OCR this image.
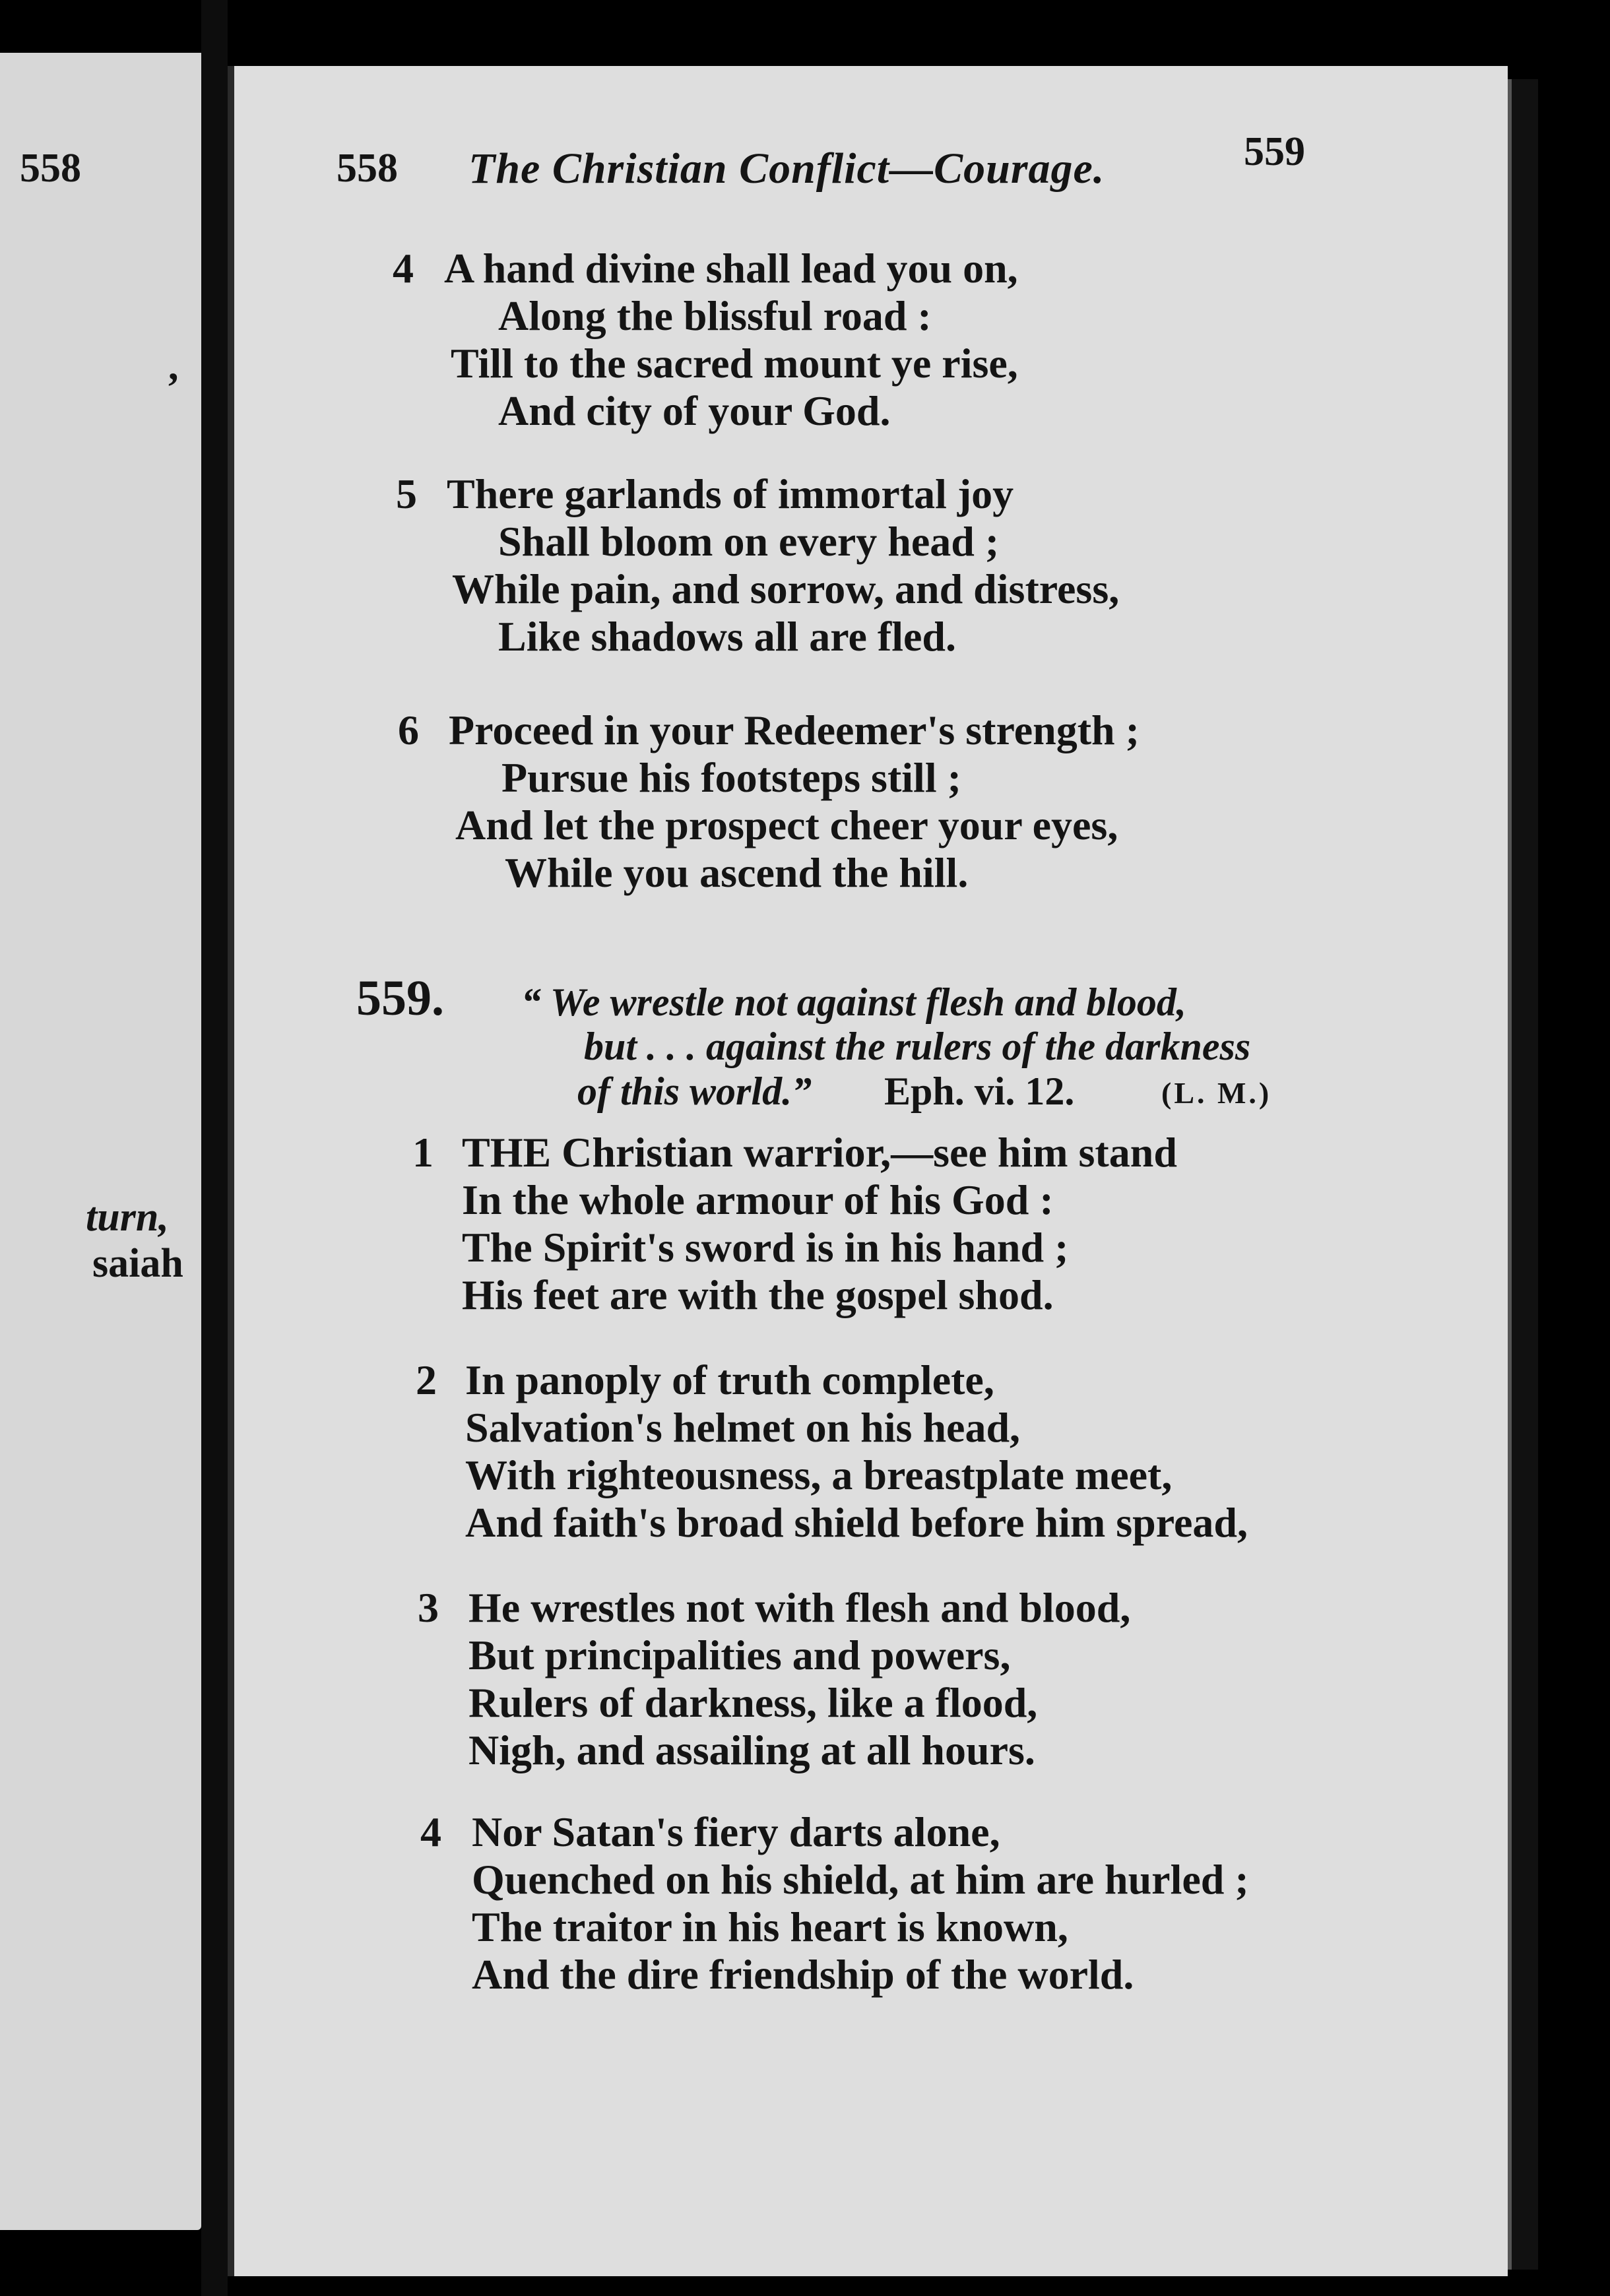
558
,
turn,
saiah
558 The Christian Conflict—Courage.	559
4 A hand divine shall lead you on,
Along the blissful road :
Till to the sacred mount ye rise,
And city of your God.
5 There garlands of immortal joy
Shall bloom on every head ;
While pain, and sorrow, and distress,
Like shadows all are fled.
6 Proceed in your Redeemer's strength ;
Pursue his footsteps still ;
And let the prospect cheer your eyes,
While you ascend the hill.
559. “ We wrestle not against flesh and blood,
but . . . against the rulers of the darkness
of this world.” Eph. vi. 12.	(L. M.)
1 THE Christian warrior,—see him stand
In the whole armour of his God :
The Spirit's sword is in his hand ;
His feet are with the gospel shod.
2 In panoply of truth complete,
Salvation's helmet on his head,
With righteousness, a breastplate meet,
And faith's broad shield before him spread,
3 He wrestles not with flesh and blood,
But principalities and powers,
Rulers of darkness, like a flood,
Nigh, and assailing at all hours.
4 Nor Satan's fiery darts alone,
Quenched on his shield, at him are hurled ;
The traitor in his heart is known,
And the dire friendship of the world.
